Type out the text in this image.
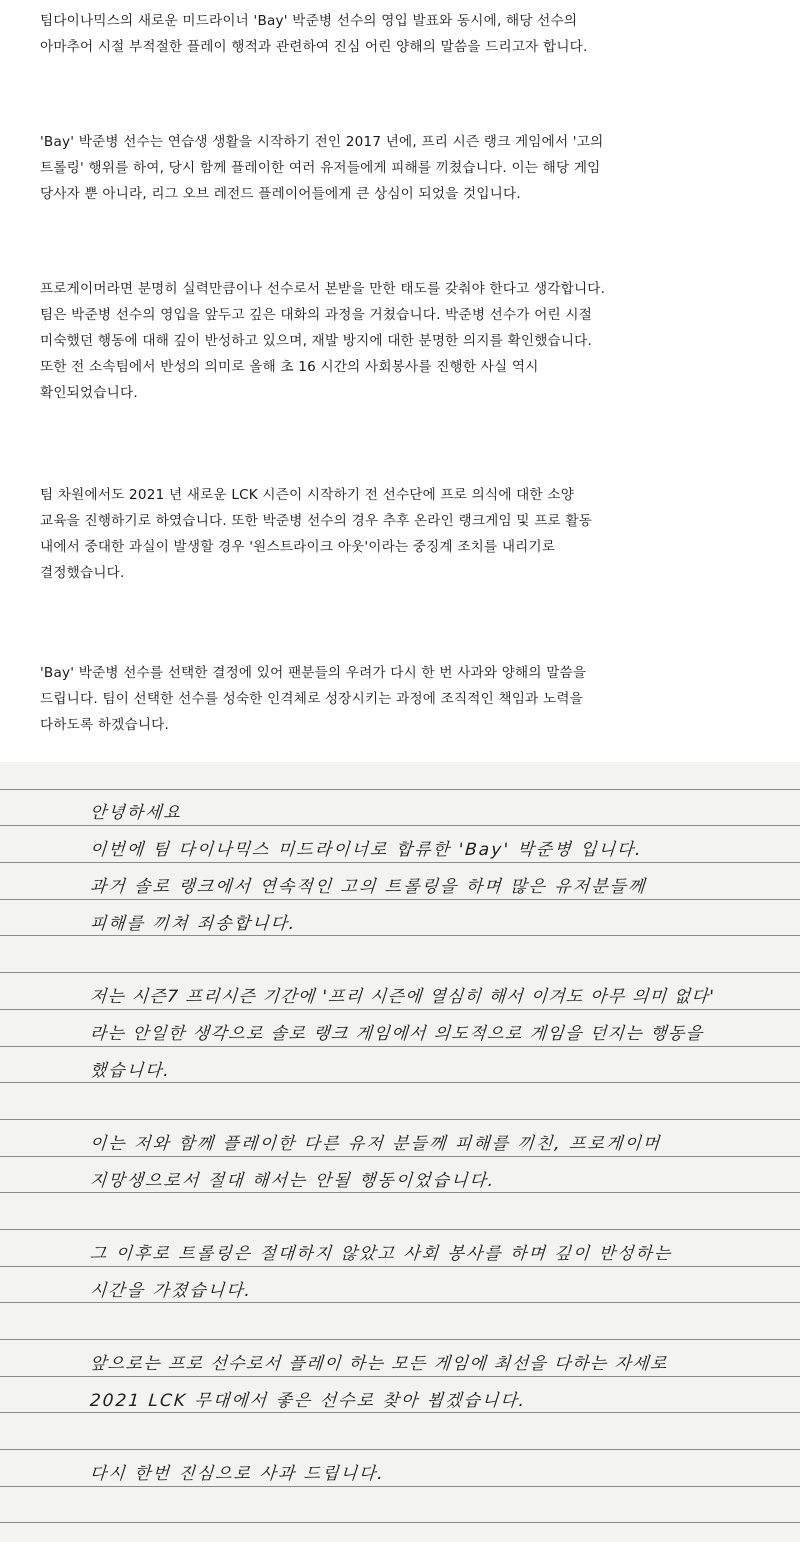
팀다이나믹스의 새로운 미드라이너 'Bay' 박준병 선수의 영입 발표와 동시에, 해당 선수의
아마추어 시절 부적절한 플레이 행적과 관련하여 진심 어린 양해의 말씀을 드리고자 합니다.
'Bay' 박준병 선수는 연습생 생활을 시작하기 전인 2017 년에, 프리 시즌 랭크 게임에서 '고의
트롤링' 행위를 하여, 당시 함께 플레이한 여러 유저들에게 피해를 끼쳤습니다. 이는 해당 게임
당사자 뿐 아니라, 리그 오브 레전드 플레이어들에게 큰 상심이 되었을 것입니다.
프로게이머라면 분명히 실력만큼이나 선수로서 본받을 만한 태도를 갖춰야 한다고 생각합니다.
팀은 박준병 선수의 영입을 앞두고 깊은 대화의 과정을 거쳤습니다. 박준병 선수가 어린 시절
미숙했던 행동에 대해 깊이 반성하고 있으며, 재발 방지에 대한 분명한 의지를 확인했습니다.
또한 전 소속팀에서 반성의 의미로 올해 초 16 시간의 사회봉사를 진행한 사실 역시
확인되었습니다.
팀 차원에서도 2021 년 새로운 LCK 시즌이 시작하기 전 선수단에 프로 의식에 대한 소양
교육을 진행하기로 하였습니다. 또한 박준병 선수의 경우 추후 온라인 랭크게임 및 프로 활동
내에서 중대한 과실이 발생할 경우 '원스트라이크 아웃'이라는 중징계 조치를 내리기로
결정했습니다.
'Bay' 박준병 선수를 선택한 결정에 있어 팬분들의 우려가 다시 한 번 사과와 양해의 말씀을
드립니다. 팀이 선택한 선수를 성숙한 인격체로 성장시키는 과정에 조직적인 책임과 노력을
다하도록 하겠습니다.
안녕하세요
이번에 팀 다이나믹스 미드라이너로 합류한 'Bay' 박준병 입니다.
과거 솔로 랭크에서 연속적인 고의 트롤링을 하며 많은 유저분들께
피해를 끼쳐 죄송합니다.
저는 시즌7 프리시즌 기간에 '프리 시즌에 열심히 해서 이겨도 아무 의미 없다'
라는 안일한 생각으로 솔로 랭크 게임에서 의도적으로 게임을 던지는 행동을
했습니다.
이는 저와 함께 플레이한 다른 유저 분들께 피해를 끼친, 프로게이머
지망생으로서 절대 해서는 안될 행동이었습니다.
그 이후로 트롤링은 절대하지 않았고 사회 봉사를 하며 깊이 반성하는
시간을 가졌습니다.
앞으로는 프로 선수로서 플레이 하는 모든 게임에 최선을 다하는 자세로
2021 LCK 무대에서 좋은 선수로 찾아 뵙겠습니다.
다시 한번 진심으로 사과 드립니다.
